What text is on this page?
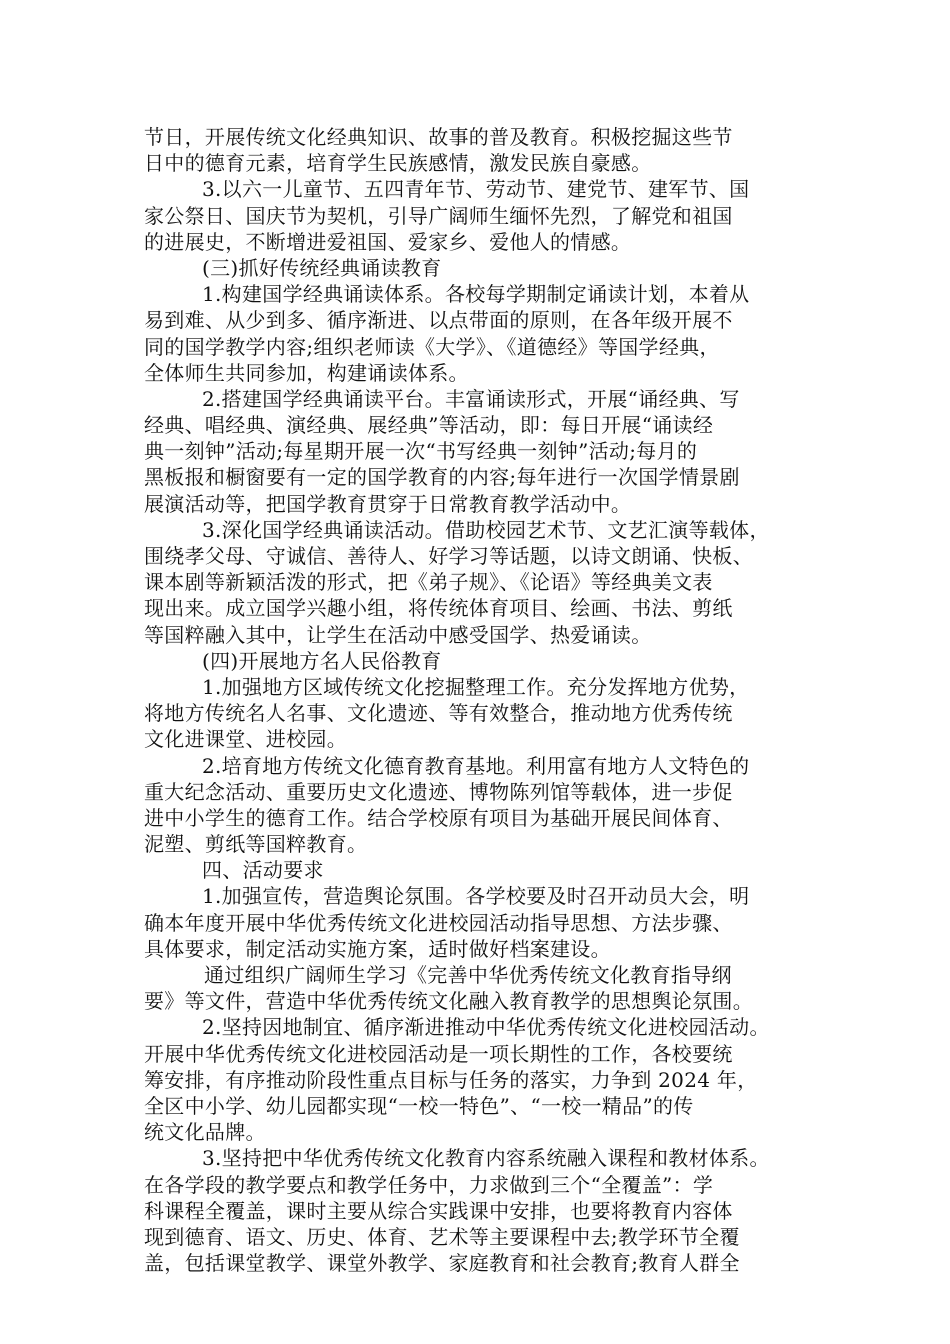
节日，开展传统文化经典知识、故事的普及教育。积极挖掘这些节
日中的德育元素，培育学生民族感情，激发民族自豪感。
3.以六一儿童节、五四青年节、劳动节、建党节、建军节、国
家公祭日、国庆节为契机，引导广阔师生缅怀先烈，了解党和祖国
的进展史，不断增进爱祖国、爱家乡、爱他人的情感。
(三)抓好传统经典诵读教育
1.构建国学经典诵读体系。各校每学期制定诵读计划，本着从
易到难、从少到多、循序渐进、以点带面的原则，在各年级开展不
同的国学教学内容;组织老师读《大学》、《道德经》等国学经典，
全体师生共同参加，构建诵读体系。
2.搭建国学经典诵读平台。丰富诵读形式，开展“诵经典、写
经典、唱经典、演经典、展经典”等活动，即：每日开展“诵读经
典一刻钟”活动;每星期开展一次“书写经典一刻钟”活动;每月的
黑板报和橱窗要有一定的国学教育的内容;每年进行一次国学情景剧
展演活动等，把国学教育贯穿于日常教育教学活动中。
3.深化国学经典诵读活动。借助校园艺术节、文艺汇演等载体，
围绕孝父母、守诚信、善待人、好学习等话题，以诗文朗诵、快板、
课本剧等新颖活泼的形式，把《弟子规》、《论语》等经典美文表
现出来。成立国学兴趣小组，将传统体育项目、绘画、书法、剪纸
等国粹融入其中，让学生在活动中感受国学、热爱诵读。
(四)开展地方名人民俗教育
1.加强地方区域传统文化挖掘整理工作。充分发挥地方优势，
将地方传统名人名事、文化遗迹、等有效整合，推动地方优秀传统
文化进课堂、进校园。
2.培育地方传统文化德育教育基地。利用富有地方人文特色的
重大纪念活动、重要历史文化遗迹、博物陈列馆等载体，进一步促
进中小学生的德育工作。结合学校原有项目为基础开展民间体育、
泥塑、剪纸等国粹教育。
四、活动要求
1.加强宣传，营造舆论氛围。各学校要及时召开动员大会，明
确本年度开展中华优秀传统文化进校园活动指导思想、方法步骤、
具体要求，制定活动实施方案，适时做好档案建设。
通过组织广阔师生学习《完善中华优秀传统文化教育指导纲
要》等文件，营造中华优秀传统文化融入教育教学的思想舆论氛围。
2.坚持因地制宜、循序渐进推动中华优秀传统文化进校园活动。
开展中华优秀传统文化进校园活动是一项长期性的工作，各校要统
筹安排，有序推动阶段性重点目标与任务的落实，力争到 2024 年，
全区中小学、幼儿园都实现“一校一特色”、“一校一精品”的传
统文化品牌。
3.坚持把中华优秀传统文化教育内容系统融入课程和教材体系。
在各学段的教学要点和教学任务中，力求做到三个“全覆盖”：学
科课程全覆盖，课时主要从综合实践课中安排，也要将教育内容体
现到德育、语文、历史、体育、艺术等主要课程中去;教学环节全覆
盖，包括课堂教学、课堂外教学、家庭教育和社会教育;教育人群全
